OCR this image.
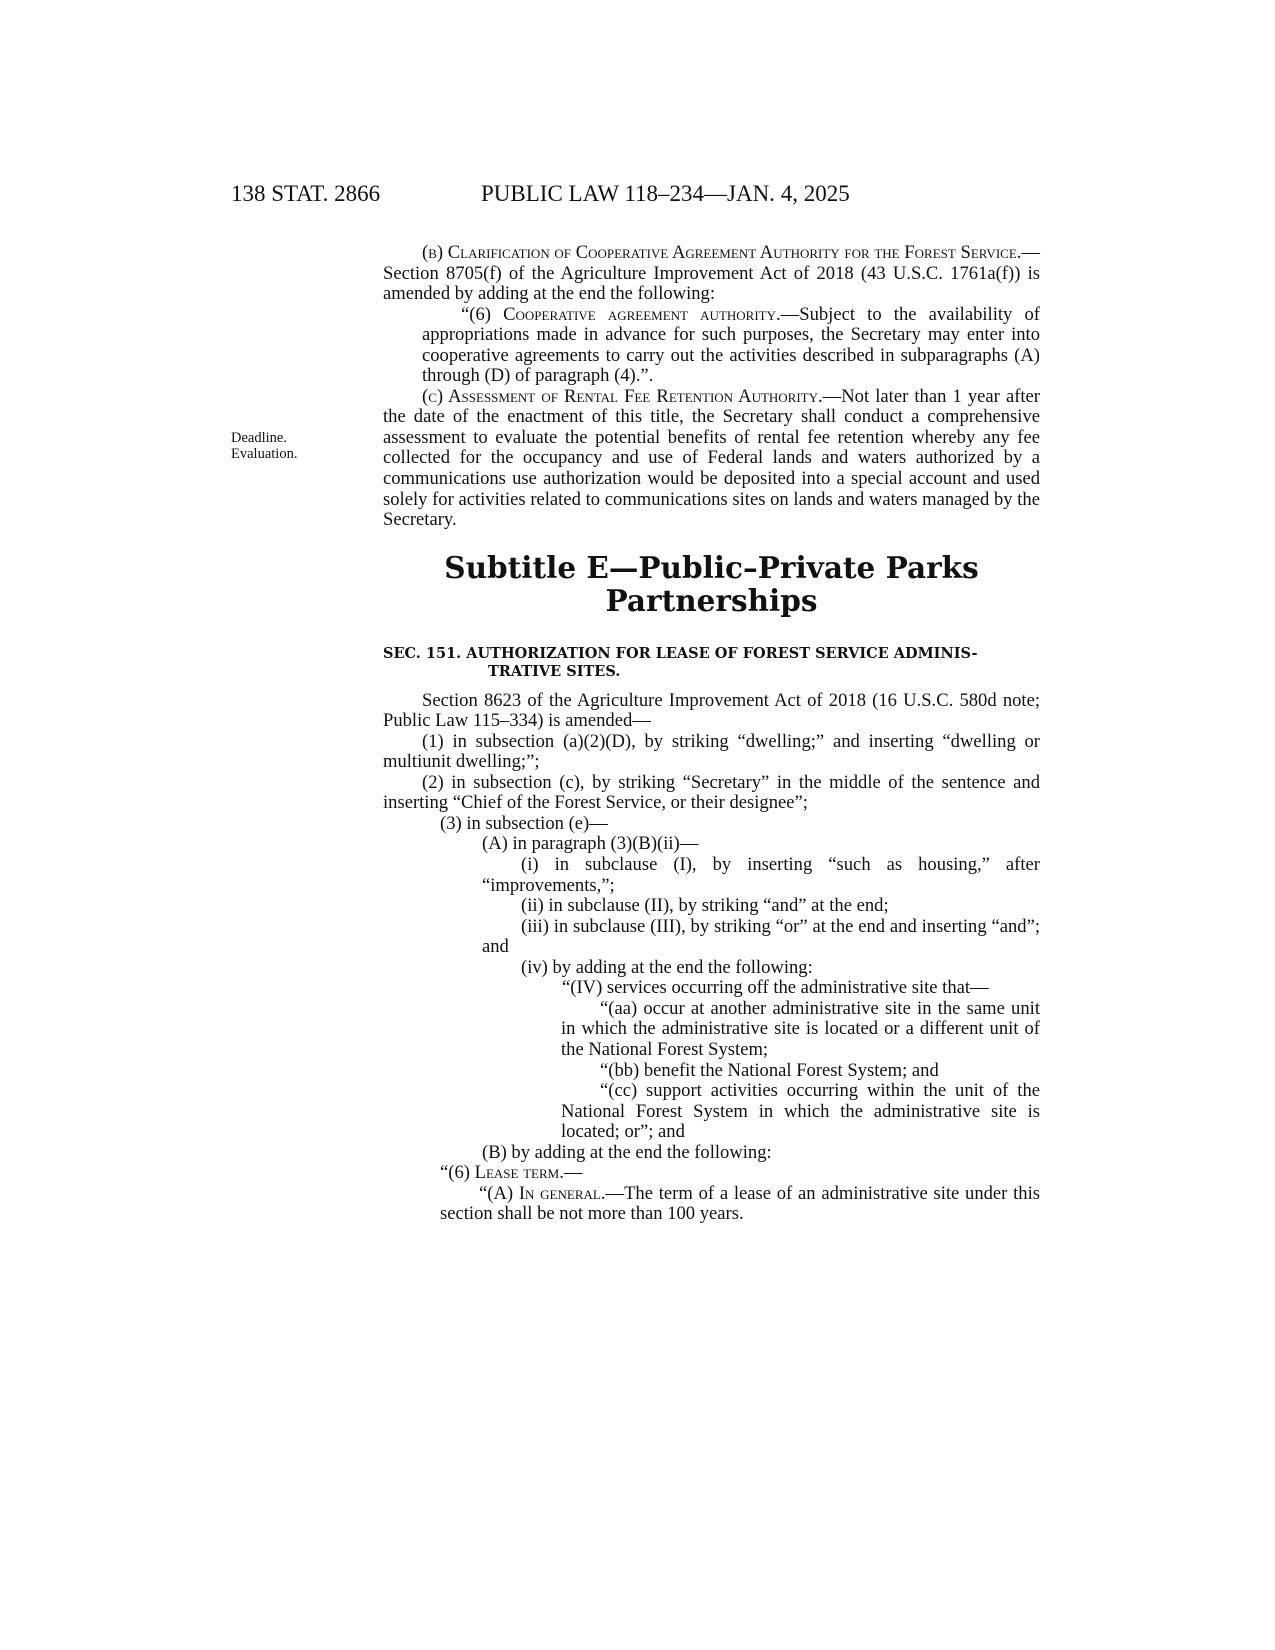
138 STAT. 2866	PUBLIC LAW 118–234—JAN. 4, 2025
Deadline.
Evaluation.

(b) Clarification of Cooperative Agreement Authority for the Forest Service.—Section 8705(f) of the Agriculture Improvement Act of 2018 (43 U.S.C. 1761a(f)) is amended by adding at the end the following:

“(6) Cooperative agreement authority.—Subject to the availability of appropriations made in advance for such purposes, the Secretary may enter into cooperative agreements to carry out the activities described in subparagraphs (A) through (D) of paragraph (4).”.

(c) Assessment of Rental Fee Retention Authority.—Not later than 1 year after the date of the enactment of this title, the Secretary shall conduct a comprehensive assessment to evaluate the potential benefits of rental fee retention whereby any fee collected for the occupancy and use of Federal lands and waters authorized by a communications use authorization would be deposited into a special account and used solely for activities related to communications sites on lands and waters managed by the Secretary.

Subtitle E—Public–Private Parks
Partnerships
SEC. 151. AUTHORIZATION FOR LEASE OF FOREST SERVICE ADMINIS-
TRATIVE SITES.

Section 8623 of the Agriculture Improvement Act of 2018 (16 U.S.C. 580d note; Public Law 115–334) is amended—

(1) in subsection (a)(2)(D), by striking “dwelling;” and inserting “dwelling or multiunit dwelling;”;

(2) in subsection (c), by striking “Secretary” in the middle of the sentence and inserting “Chief of the Forest Service, or their designee”;

(3) in subsection (e)—

(A) in paragraph (3)(B)(ii)—

(i) in subclause (I), by inserting “such as housing,” after “improvements,”;

(ii) in subclause (II), by striking “and” at the end;

(iii) in subclause (III), by striking “or” at the end and inserting “and”; and

(iv) by adding at the end the following:

“(IV) services occurring off the administrative site that—

“(aa) occur at another administrative site in the same unit in which the administrative site is located or a different unit of the National Forest System;

“(bb) benefit the National Forest System; and

“(cc) support activities occurring within the unit of the National Forest System in which the administrative site is located; or”; and

(B) by adding at the end the following:

“(6) Lease term.—

“(A) In general.—The term of a lease of an administrative site under this section shall be not more than 100 years.
